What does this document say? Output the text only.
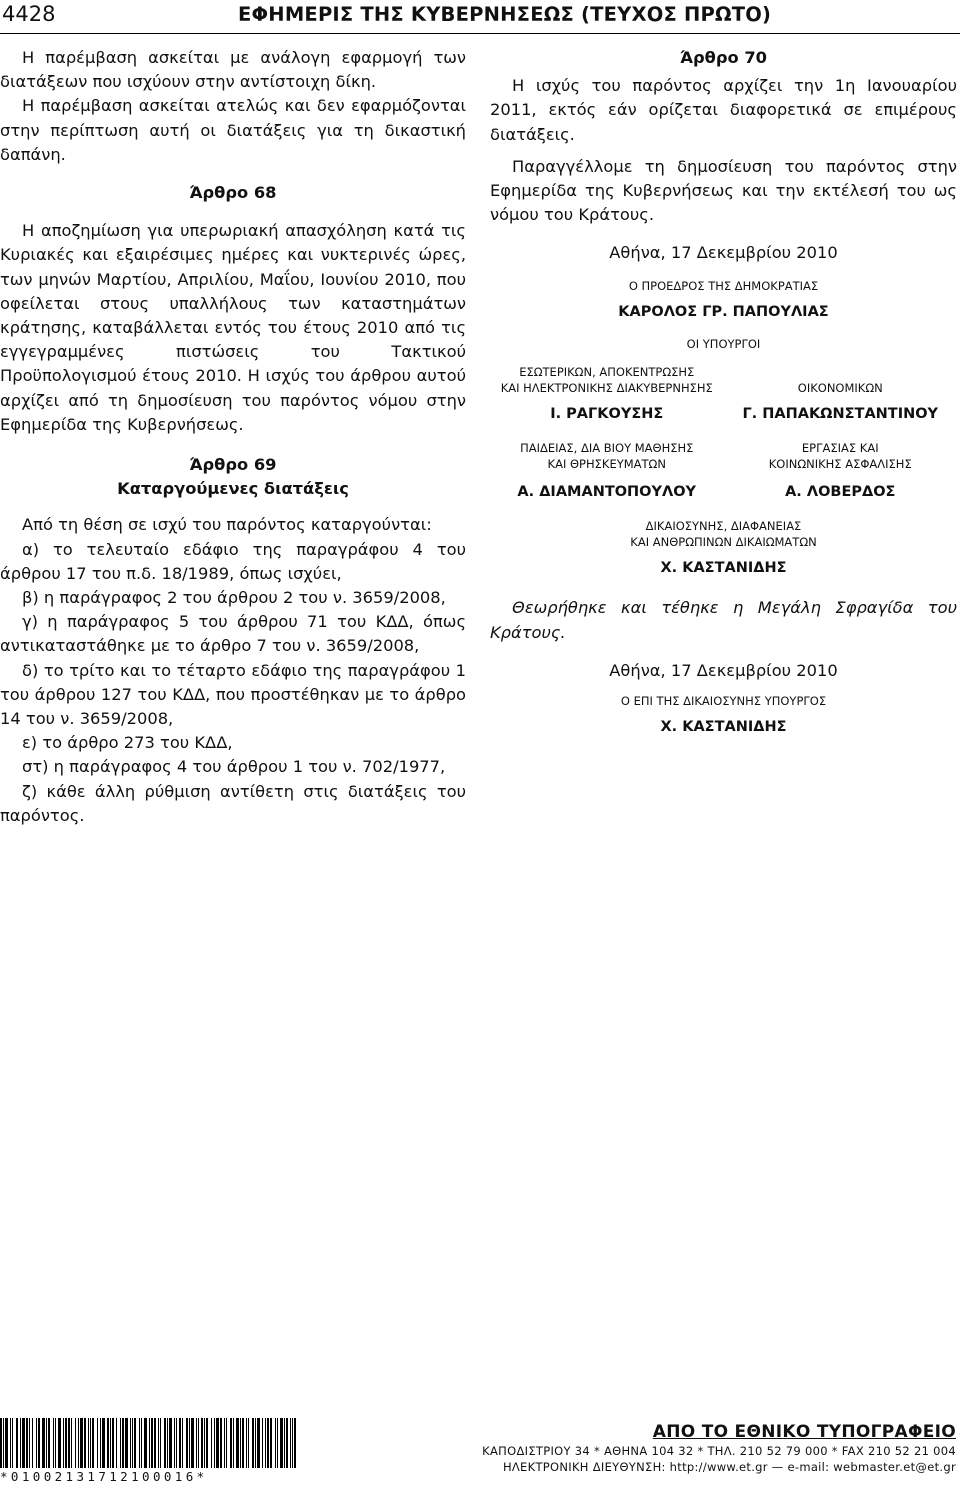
4428	ΕΦΗΜΕΡΙΣ ΤΗΣ ΚΥΒΕΡΝΗΣΕΩΣ (ΤΕΥΧΟΣ ΠΡΩΤΟ)

Η παρέμβαση ασκείται με ανάλογη εφαρμογή των διατάξεων που ισχύουν στην αντίστοιχη δίκη.

Η παρέμβαση ασκείται ατελώς και δεν εφαρμόζονται στην περίπτωση αυτή οι διατάξεις για τη δικαστική δαπάνη.

Άρθρο 68

Η αποζημίωση για υπερωριακή απασχόληση κατά τις Κυριακές και εξαιρέσιμες ημέρες και νυκτερινές ώρες, των μηνών Μαρτίου, Απριλίου, Μαΐου, Ιουνίου 2010, που οφείλεται στους υπαλλήλους των καταστημάτων κράτησης, καταβάλλεται εντός του έτους 2010 από τις εγγεγραμμένες πιστώσεις του Τακτικού Προϋπολογισμού έτους 2010. Η ισχύς του άρθρου αυτού αρχίζει από τη δημοσίευση του παρόντος νόμου στην Εφημερίδα της Κυβερνήσεως.

Άρθρο 69

Καταργούμενες διατάξεις

Από τη θέση σε ισχύ του παρόντος καταργούνται:

α) το τελευταίο εδάφιο της παραγράφου 4 του άρθρου 17 του π.δ. 18/1989, όπως ισχύει,

β) η παράγραφος 2 του άρθρου 2 του ν. 3659/2008,

γ) η παράγραφος 5 του άρθρου 71 του ΚΔΔ, όπως αντικαταστάθηκε με το άρθρο 7 του ν. 3659/2008,

δ) το τρίτο και το τέταρτο εδάφιο της παραγράφου 1 του άρθρου 127 του ΚΔΔ, που προστέθηκαν με το άρθρο 14 του ν. 3659/2008,

ε) το άρθρο 273 του ΚΔΔ,

στ) η παράγραφος 4 του άρθρου 1 του ν. 702/1977,

ζ) κάθε άλλη ρύθμιση αντίθετη στις διατάξεις του παρόντος.

Άρθρο 70

Η ισχύς του παρόντος αρχίζει την 1η Ιανουαρίου 2011, εκτός εάν ορίζεται διαφορετικά σε επιμέρους διατάξεις.

Παραγγέλλομε τη δημοσίευση του παρόντος στην Εφημερίδα της Κυβερνήσεως και την εκτέλεσή του ως νόμου του Κράτους.

Αθήνα, 17 Δεκεμβρίου 2010

Ο ΠΡΟΕΔΡΟΣ ΤΗΣ ΔΗΜΟΚΡΑΤΙΑΣ

ΚΑΡΟΛΟΣ ΓΡ. ΠΑΠΟΥΛΙΑΣ

ΟΙ ΥΠΟΥΡΓΟΙ

ΕΣΩΤΕΡΙΚΩΝ, ΑΠΟΚΕΝΤΡΩΣΗΣ

ΚΑΙ ΗΛΕΚΤΡΟΝΙΚΗΣ ΔΙΑΚΥΒΕΡΝΗΣΗΣ

Ι. ΡΑΓΚΟΥΣΗΣ

ΟΙΚΟΝΟΜΙΚΩΝ

Γ. ΠΑΠΑΚΩΝΣΤΑΝΤΙΝΟΥ

ΠΑΙΔΕΙΑΣ, ΔΙΑ ΒΙΟΥ ΜΑΘΗΣΗΣ

ΚΑΙ ΘΡΗΣΚΕΥΜΑΤΩΝ

Α. ΔΙΑΜΑΝΤΟΠΟΥΛΟΥ

ΕΡΓΑΣΙΑΣ ΚΑΙ

ΚΟΙΝΩΝΙΚΗΣ ΑΣΦΑΛΙΣΗΣ

Α. ΛΟΒΕΡΔΟΣ

ΔΙΚΑΙΟΣΥΝΗΣ, ΔΙΑΦΑΝΕΙΑΣ

ΚΑΙ ΑΝΘΡΩΠΙΝΩΝ ΔΙΚΑΙΩΜΑΤΩΝ

Χ. ΚΑΣΤΑΝΙΔΗΣ

Θεωρήθηκε και τέθηκε η Μεγάλη Σφραγίδα του Κράτους.

Αθήνα, 17 Δεκεμβρίου 2010

Ο ΕΠΙ ΤΗΣ ΔΙΚΑΙΟΣΥΝΗΣ ΥΠΟΥΡΓΟΣ

Χ. ΚΑΣΤΑΝΙΔΗΣ

*01002131712100016*

ΑΠΟ ΤΟ ΕΘΝΙΚΟ ΤΥΠΟΓΡΑΦΕΙΟ

ΚΑΠΟΔΙΣΤΡΙΟΥ 34 * ΑΘΗΝΑ 104 32 * ΤΗΛ. 210 52 79 000 * FAX 210 52 21 004

ΗΛΕΚΤΡΟΝΙΚΗ ΔΙΕΥΘΥΝΣΗ: http://www.et.gr — e-mail: webmaster.et@et.gr
